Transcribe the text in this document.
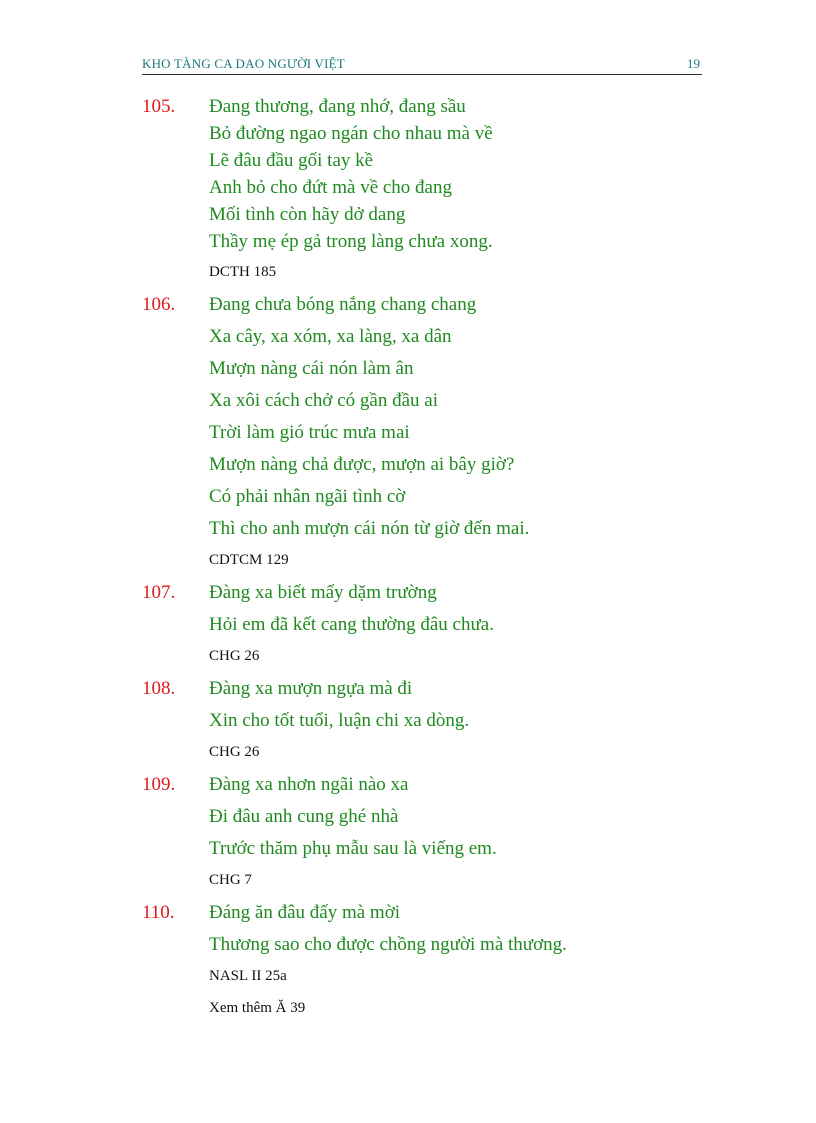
KHO TÀNG CA DAO NGƯỜI VIỆT	19
105. Đang thương, đang nhớ, đang sầu
Bỏ đường ngao ngán cho nhau mà về
Lẽ đâu đầu gối tay kề
Anh bỏ cho đứt mà về cho đang
Mối tình còn hãy dở dang
Thầy mẹ ép gả trong làng chưa xong.
DCTH 185
106. Đang chưa bóng nắng chang chang
Xa cây, xa xóm, xa làng, xa dân
Mượn nàng cái nón làm ân
Xa xôi cách chở có gần đầu ai
Trời làm gió trúc mưa mai
Mượn nàng chả được, mượn ai bây giờ?
Có phải nhân ngãi tình cờ
Thì cho anh mượn cái nón từ giờ đến mai.
CDTCM 129
107. Đàng xa biết mấy dặm trường
Hỏi em đã kết cang thường đâu chưa.
CHG 26
108. Đàng xa mượn ngựa mà đi
Xin cho tốt tuổi, luận chi xa dòng.
CHG 26
109. Đàng xa nhơn ngãi nào xa
Đi đâu anh cung ghé nhà
Trước thăm phụ mẫu sau là viếng em.
CHG 7
110. Đáng ăn đâu đấy mà mời
Thương sao cho được chồng người mà thương.
NASL II 25a
Xem thêm Ă 39
